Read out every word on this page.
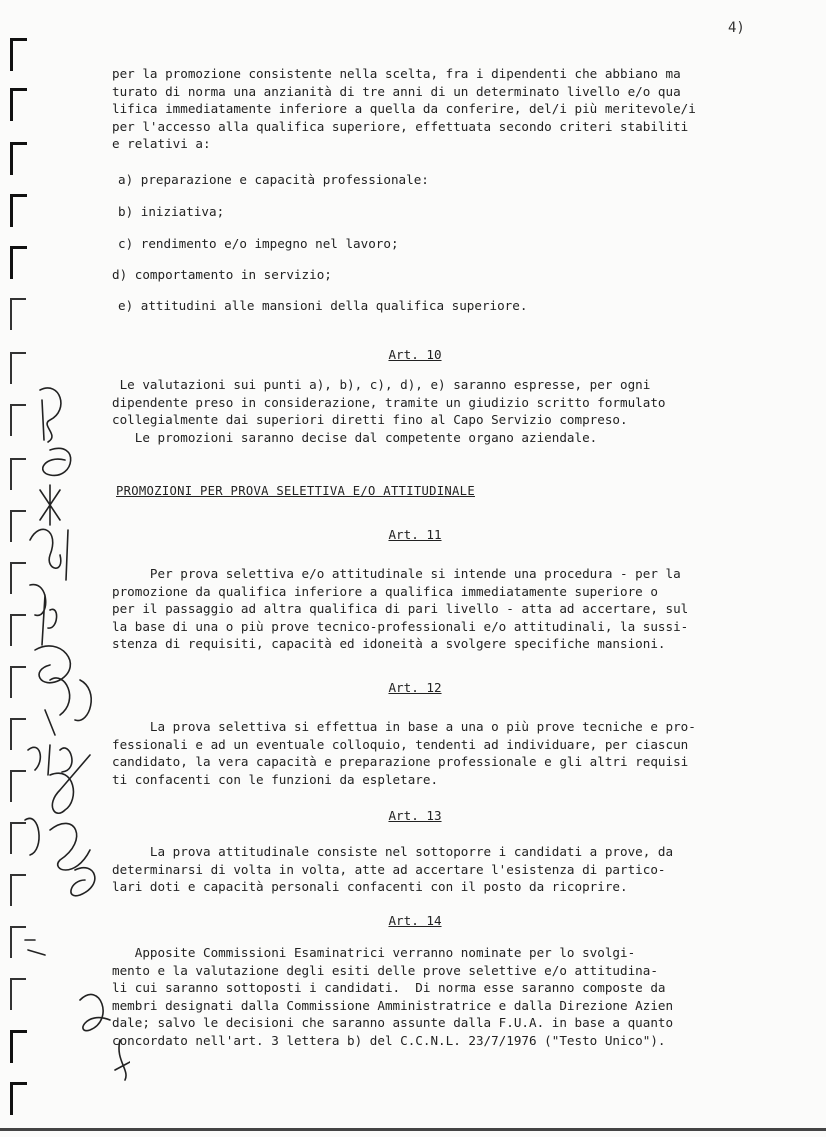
4)
per la promozione consistente nella scelta, fra i dipendenti che abbiano ma
turato di norma una anzianità di tre anni di un determinato livello e/o qua
lifica immediatamente inferiore a quella da conferire, del/i più meritevole/i
per l'accesso alla qualifica superiore, effettuata secondo criteri stabiliti
e relativi a:
a) preparazione e capacità professionale:
b) iniziativa;
c) rendimento e/o impegno nel lavoro;
d) comportamento in servizio;
e) attitudini alle mansioni della qualifica superiore.
Art. 10
Le valutazioni sui punti a), b), c), d), e) saranno espresse, per ogni
dipendente preso in considerazione, tramite un giudizio scritto formulato
collegialmente dai superiori diretti fino al Capo Servizio compreso.
Le promozioni saranno decise dal competente organo aziendale.
PROMOZIONI PER PROVA SELETTIVA E/O ATTITUDINALE
Art. 11
Per prova selettiva e/o attitudinale si intende una procedura - per la
promozione da qualifica inferiore a qualifica immediatamente superiore o
per il passaggio ad altra qualifica di pari livello - atta ad accertare, sul
la base di una o più prove tecnico-professionali e/o attitudinali, la sussi-
stenza di requisiti, capacità ed idoneità a svolgere specifiche mansioni.
Art. 12
La prova selettiva si effettua in base a una o più prove tecniche e pro-
fessionali e ad un eventuale colloquio, tendenti ad individuare, per ciascun
candidato, la vera capacità e preparazione professionale e gli altri requisi
ti confacenti con le funzioni da espletare.
Art. 13
La prova attitudinale consiste nel sottoporre i candidati a prove, da
determinarsi di volta in volta, atte ad accertare l'esistenza di partico-
lari doti e capacità personali confacenti con il posto da ricoprire.
Art. 14
Apposite Commissioni Esaminatrici verranno nominate per lo svolgi-
mento e la valutazione degli esiti delle prove selettive e/o attitudina-
li cui saranno sottoposti i candidati.  Di norma esse saranno composte da
membri designati dalla Commissione Amministratrice e dalla Direzione Azien
dale; salvo le decisioni che saranno assunte dalla F.U.A. in base a quanto
concordato nell'art. 3 lettera b) del C.C.N.L. 23/7/1976 ("Testo Unico").
